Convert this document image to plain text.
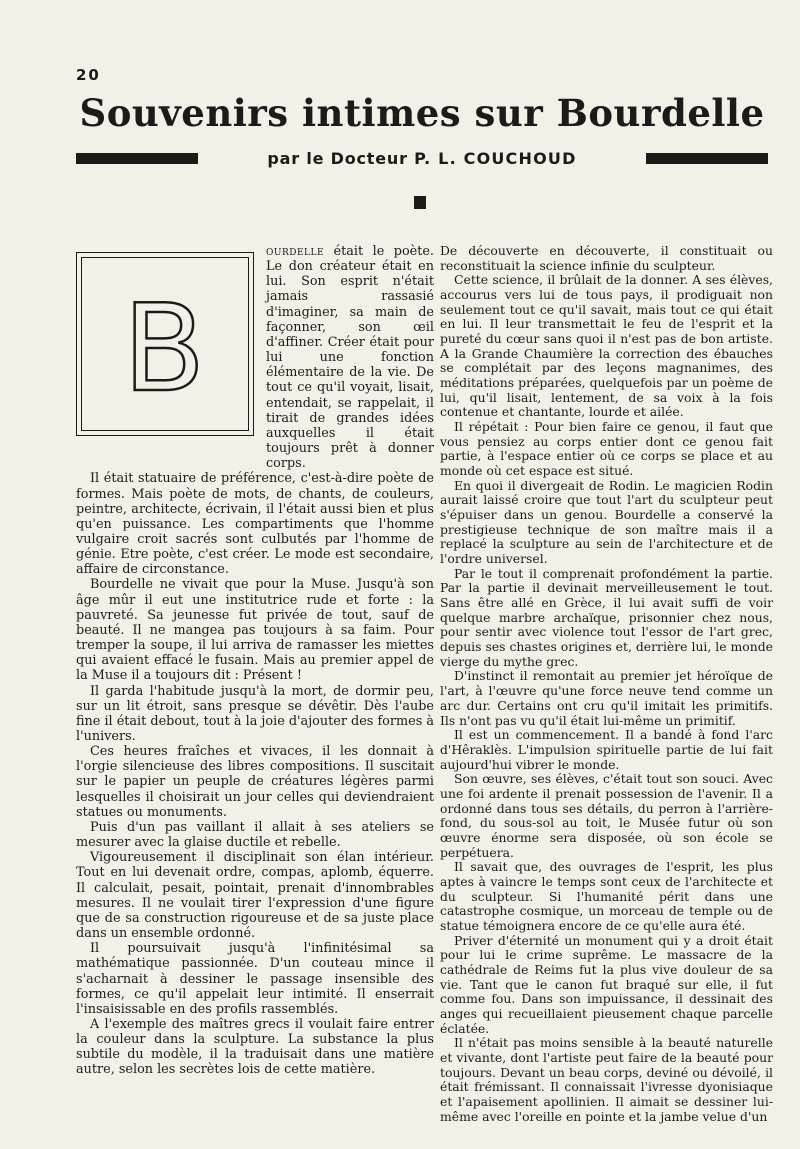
20
Souvenirs intimes sur Bourdelle
par le Docteur P. L. COUCHOUD
B

ourdelle était le poète. Le don créateur était en lui. Son esprit n'était jamais rassasié d'imaginer, sa main de façonner, son œil d'affiner. Créer était pour lui une fonction élémentaire de la vie. De tout ce qu'il voyait, lisait, entendait, se rappelait, il tirait de grandes idées auxquelles il était toujours prêt à donner corps.

Il était statuaire de préférence, c'est-à-dire poète de formes. Mais poète de mots, de chants, de couleurs, peintre, architecte, écrivain, il l'était aussi bien et plus qu'en puissance. Les compartiments que l'homme vulgaire croit sacrés sont culbutés par l'homme de génie. Etre poète, c'est créer. Le mode est secondaire, affaire de circonstance.

Bourdelle ne vivait que pour la Muse. Jusqu'à son âge mûr il eut une institutrice rude et forte : la pauvreté. Sa jeunesse fut privée de tout, sauf de beauté. Il ne mangea pas toujours à sa faim. Pour tremper la soupe, il lui arriva de ramasser les miettes qui avaient effacé le fusain. Mais au premier appel de la Muse il a toujours dit : Présent !

Il garda l'habitude jusqu'à la mort, de dormir peu, sur un lit étroit, sans presque se dévêtir. Dès l'aube fine il était debout, tout à la joie d'ajouter des formes à l'univers.

Ces heures fraîches et vivaces, il les donnait à l'orgie silencieuse des libres compositions. Il suscitait sur le papier un peuple de créatures légères parmi lesquelles il choisirait un jour celles qui deviendraient statues ou monuments.

Puis d'un pas vaillant il allait à ses ateliers se mesurer avec la glaise ductile et rebelle.

Vigoureusement il disciplinait son élan intérieur. Tout en lui devenait ordre, compas, aplomb, équerre. Il calculait, pesait, pointait, prenait d'innombrables mesures. Il ne voulait tirer l'expression d'une figure que de sa construction rigoureuse et de sa juste place dans un ensemble ordonné.

Il poursuivait jusqu'à l'infinitésimal sa mathématique passionnée. D'un couteau mince il s'acharnait à dessiner le passage insensible des formes, ce qu'il appelait leur intimité. Il enserrait l'insaisissable en des profils rassemblés.

A l'exemple des maîtres grecs il voulait faire entrer la couleur dans la sculpture. La substance la plus subtile du modèle, il la traduisait dans une matière autre, selon les secrètes lois de cette matière.

De découverte en découverte, il constituait ou reconstituait la science infinie du sculpteur.

Cette science, il brûlait de la donner. A ses élèves, accourus vers lui de tous pays, il prodiguait non seulement tout ce qu'il savait, mais tout ce qui était en lui. Il leur transmettait le feu de l'esprit et la pureté du cœur sans quoi il n'est pas de bon artiste. A la Grande Chaumière la correction des ébauches se complétait par des leçons magnanimes, des méditations préparées, quelquefois par un poème de lui, qu'il lisait, lentement, de sa voix à la fois contenue et chantante, lourde et ailée.

Il répétait : Pour bien faire ce genou, il faut que vous pensiez au corps entier dont ce genou fait partie, à l'espace entier où ce corps se place et au monde où cet espace est situé.

En quoi il divergeait de Rodin. Le magicien Rodin aurait laissé croire que tout l'art du sculpteur peut s'épuiser dans un genou. Bourdelle a conservé la prestigieuse technique de son maître mais il a replacé la sculpture au sein de l'architecture et de l'ordre universel.

Par le tout il comprenait profondément la partie. Par la partie il devinait merveilleusement le tout. Sans être allé en Grèce, il lui avait suffi de voir quelque marbre archaïque, prisonnier chez nous, pour sentir avec violence tout l'essor de l'art grec, depuis ses chastes origines et, derrière lui, le monde vierge du mythe grec.

D'instinct il remontait au premier jet héroïque de l'art, à l'œuvre qu'une force neuve tend comme un arc dur. Certains ont cru qu'il imitait les primitifs. Ils n'ont pas vu qu'il était lui-même un primitif.

Il est un commencement. Il a bandé à fond l'arc d'Hêraklès. L'impulsion spirituelle partie de lui fait aujourd'hui vibrer le monde.

Son œuvre, ses élèves, c'était tout son souci. Avec une foi ardente il prenait possession de l'avenir. Il a ordonné dans tous ses détails, du perron à l'arrière-fond, du sous-sol au toit, le Musée futur où son œuvre énorme sera disposée, où son école se perpétuera.

Il savait que, des ouvrages de l'esprit, les plus aptes à vaincre le temps sont ceux de l'architecte et du sculpteur. Si l'humanité périt dans une catastrophe cosmique, un morceau de temple ou de statue témoignera encore de ce qu'elle aura été.

Priver d'éternité un monument qui y a droit était pour lui le crime suprême. Le massacre de la cathédrale de Reims fut la plus vive douleur de sa vie. Tant que le canon fut braqué sur elle, il fut comme fou. Dans son impuissance, il dessinait des anges qui recueillaient pieusement chaque parcelle éclatée.

Il n'était pas moins sensible à la beauté naturelle et vivante, dont l'artiste peut faire de la beauté pour toujours. Devant un beau corps, deviné ou dévoilé, il était frémissant. Il connaissait l'ivresse dyonisiaque et l'apaisement apollinien. Il aimait se dessiner lui-même avec l'oreille en pointe et la jambe velue d'un
